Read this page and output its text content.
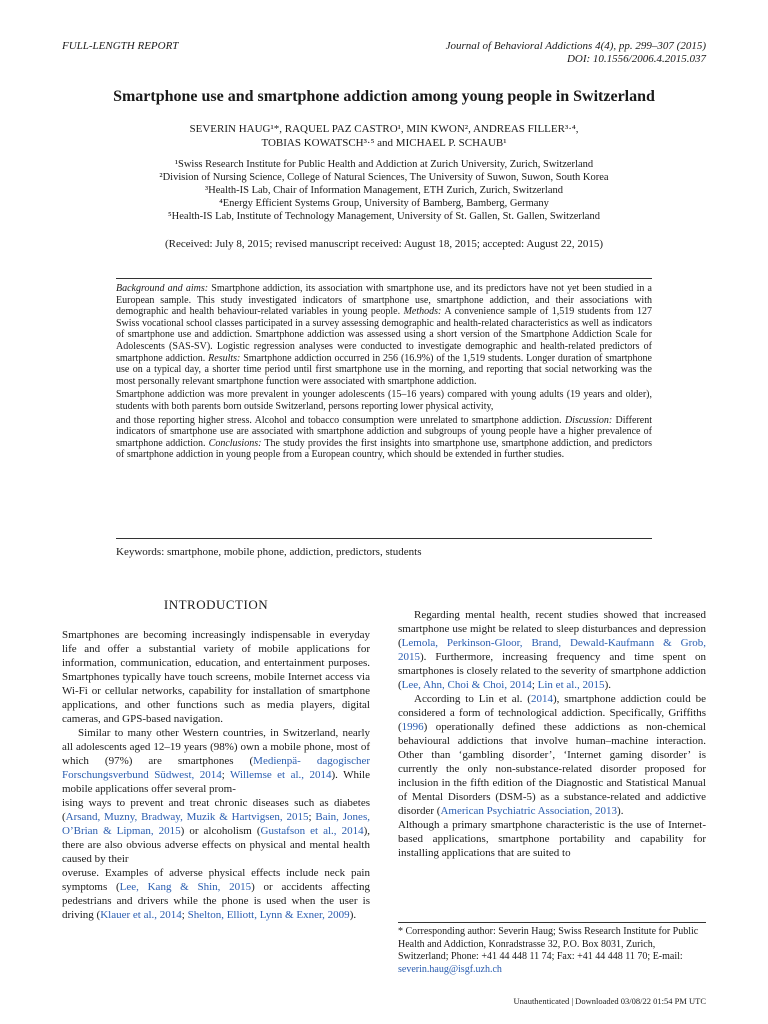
FULL-LENGTH REPORT	Journal of Behavioral Addictions 4(4), pp. 299–307 (2015)
DOI: 10.1556/2006.4.2015.037
Smartphone use and smartphone addiction among young people in Switzerland
SEVERIN HAUG¹*, RAQUEL PAZ CASTRO¹, MIN KWON², ANDREAS FILLER³·⁴,
TOBIAS KOWATSCH³·⁵ and MICHAEL P. SCHAUB¹
¹Swiss Research Institute for Public Health and Addiction at Zurich University, Zurich, Switzerland
²Division of Nursing Science, College of Natural Sciences, The University of Suwon, Suwon, South Korea
³Health-IS Lab, Chair of Information Management, ETH Zurich, Zurich, Switzerland
⁴Energy Efficient Systems Group, University of Bamberg, Bamberg, Germany
⁵Health-IS Lab, Institute of Technology Management, University of St. Gallen, St. Gallen, Switzerland
(Received: July 8, 2015; revised manuscript received: August 18, 2015; accepted: August 22, 2015)

Background and aims: Smartphone addiction, its association with smartphone use, and its predictors have not yet been studied in a European sample. This study investigated indicators of smartphone use, smartphone addiction, and their associations with demographic and health behaviour-related variables in young people. Methods: A convenience sample of 1,519 students from 127 Swiss vocational school classes participated in a survey assessing demographic and health-related characteristics as well as indicators of smartphone use and addiction. Smartphone addiction was assessed using a short version of the Smartphone Addiction Scale for Adolescents (SAS-SV). Logistic regression analyses were conducted to investigate demographic and health-related predictors of smartphone addiction. Results: Smartphone addiction occurred in 256 (16.9%) of the 1,519 students. Longer duration of smartphone use on a typical day, a shorter time period until first smartphone use in the morning, and reporting that social networking was the most personally relevant smartphone function were associated with smartphone addiction.

Smartphone addiction was more prevalent in younger adolescents (15–16 years) compared with young adults (19 years and older), students with both parents born outside Switzerland, persons reporting lower physical activity,

and those reporting higher stress. Alcohol and tobacco consumption were unrelated to smartphone addiction. Discussion: Different indicators of smartphone use are associated with smartphone addiction and subgroups of young people have a higher prevalence of smartphone addiction. Conclusions: The study provides the first insights into smartphone use, smartphone addiction, and predictors of smartphone addiction in young people from a European country, which should be extended in further studies.

Keywords: smartphone, mobile phone, addiction, predictors, students
INTRODUCTION

Smartphones are becoming increasingly indispensable in everyday life and offer a substantial variety of mobile applications for information, communication, education, and entertainment purposes. Smartphones typically have touch screens, mobile Internet access via Wi-Fi or cellular networks, capability for installation of smartphone applications, and other functions such as media players, digital cameras, and GPS-based navigation.

Similar to many other Western countries, in Switzerland, nearly all adolescents aged 12–19 years (98%) own a mobile phone, most of which (97%) are smartphones (Medienpä- dagogischer Forschungsverbund Südwest, 2014; Willemse et al., 2014). While mobile applications offer several prom-

ising ways to prevent and treat chronic diseases such as diabetes (Arsand, Muzny, Bradway, Muzik & Hartvigsen, 2015; Bain, Jones, O’Brian & Lipman, 2015) or alcoholism (Gustafson et al., 2014), there are also obvious adverse effects on physical and mental health caused by their

overuse. Examples of adverse physical effects include neck pain symptoms (Lee, Kang & Shin, 2015) or accidents affecting pedestrians and drivers while the phone is used when the user is driving (Klauer et al., 2014; Shelton, Elliott, Lynn & Exner, 2009).

Regarding mental health, recent studies showed that increased smartphone use might be related to sleep disturbances and depression (Lemola, Perkinson-Gloor, Brand, Dewald-Kaufmann & Grob, 2015). Furthermore, increasing frequency and time spent on smartphones is closely related to the severity of smartphone addiction (Lee, Ahn, Choi & Choi, 2014; Lin et al., 2015).

According to Lin et al. (2014), smartphone addiction could be considered a form of technological addiction. Specifically, Griffiths (1996) operationally defined these addictions as non-chemical behavioural addictions that involve human–machine interaction. Other than ‘gambling disorder’, ‘Internet gaming disorder’ is currently the only non-substance-related disorder proposed for inclusion in the fifth edition of the Diagnostic and Statistical Manual of Mental Disorders (DSM-5) as a substance-related and addictive disorder (American Psychiatric Association, 2013).

Although a primary smartphone characteristic is the use of Internet-based applications, smartphone portability and capability for installing applications that are suited to

* Corresponding author: Severin Haug; Swiss Research Institute for Public Health and Addiction, Konradstrasse 32, P.O. Box 8031, Zurich, Switzerland; Phone: +41 44 448 11 74; Fax: +41 44 448 11 70; E-mail: severin.haug@isgf.uzh.ch
Unauthenticated | Downloaded 03/08/22 01:54 PM UTC
